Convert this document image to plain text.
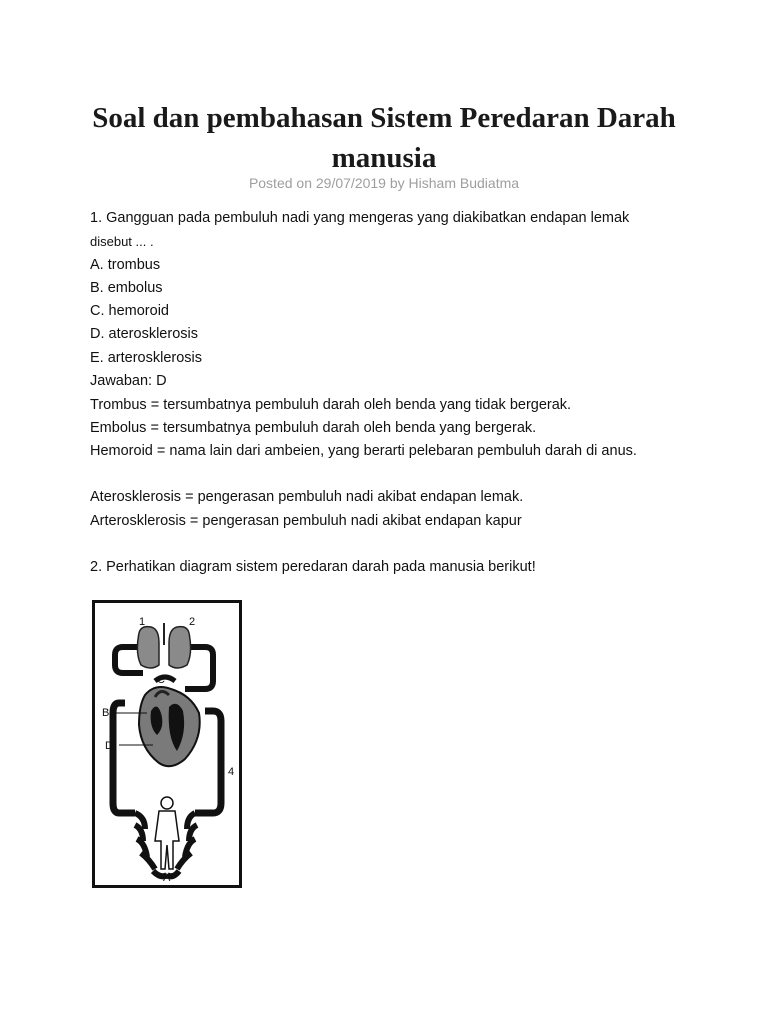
Soal dan pembahasan Sistem Peredaran Darah manusia
Posted on 29/07/2019 by Hisham Budiatma
1. Gangguan pada pembuluh nadi yang mengeras yang diakibatkan endapan lemak
disebut ... .
A. trombus
B. embolus
C. hemoroid
D. aterosklerosis
E. arterosklerosis
Jawaban: D
Trombus = tersumbatnya pembuluh darah oleh benda yang tidak bergerak.
Embolus = tersumbatnya pembuluh darah oleh benda yang bergerak.
Hemoroid = nama lain dari ambeien, yang berarti pelebaran pembuluh darah di anus.
Aterosklerosis = pengerasan pembuluh nadi akibat endapan lemak.
Arterosklerosis = pengerasan pembuluh nadi akibat endapan kapur
2. Perhatikan diagram sistem peredaran darah pada manusia berikut!
1	2
C
B
D
3
4
A
